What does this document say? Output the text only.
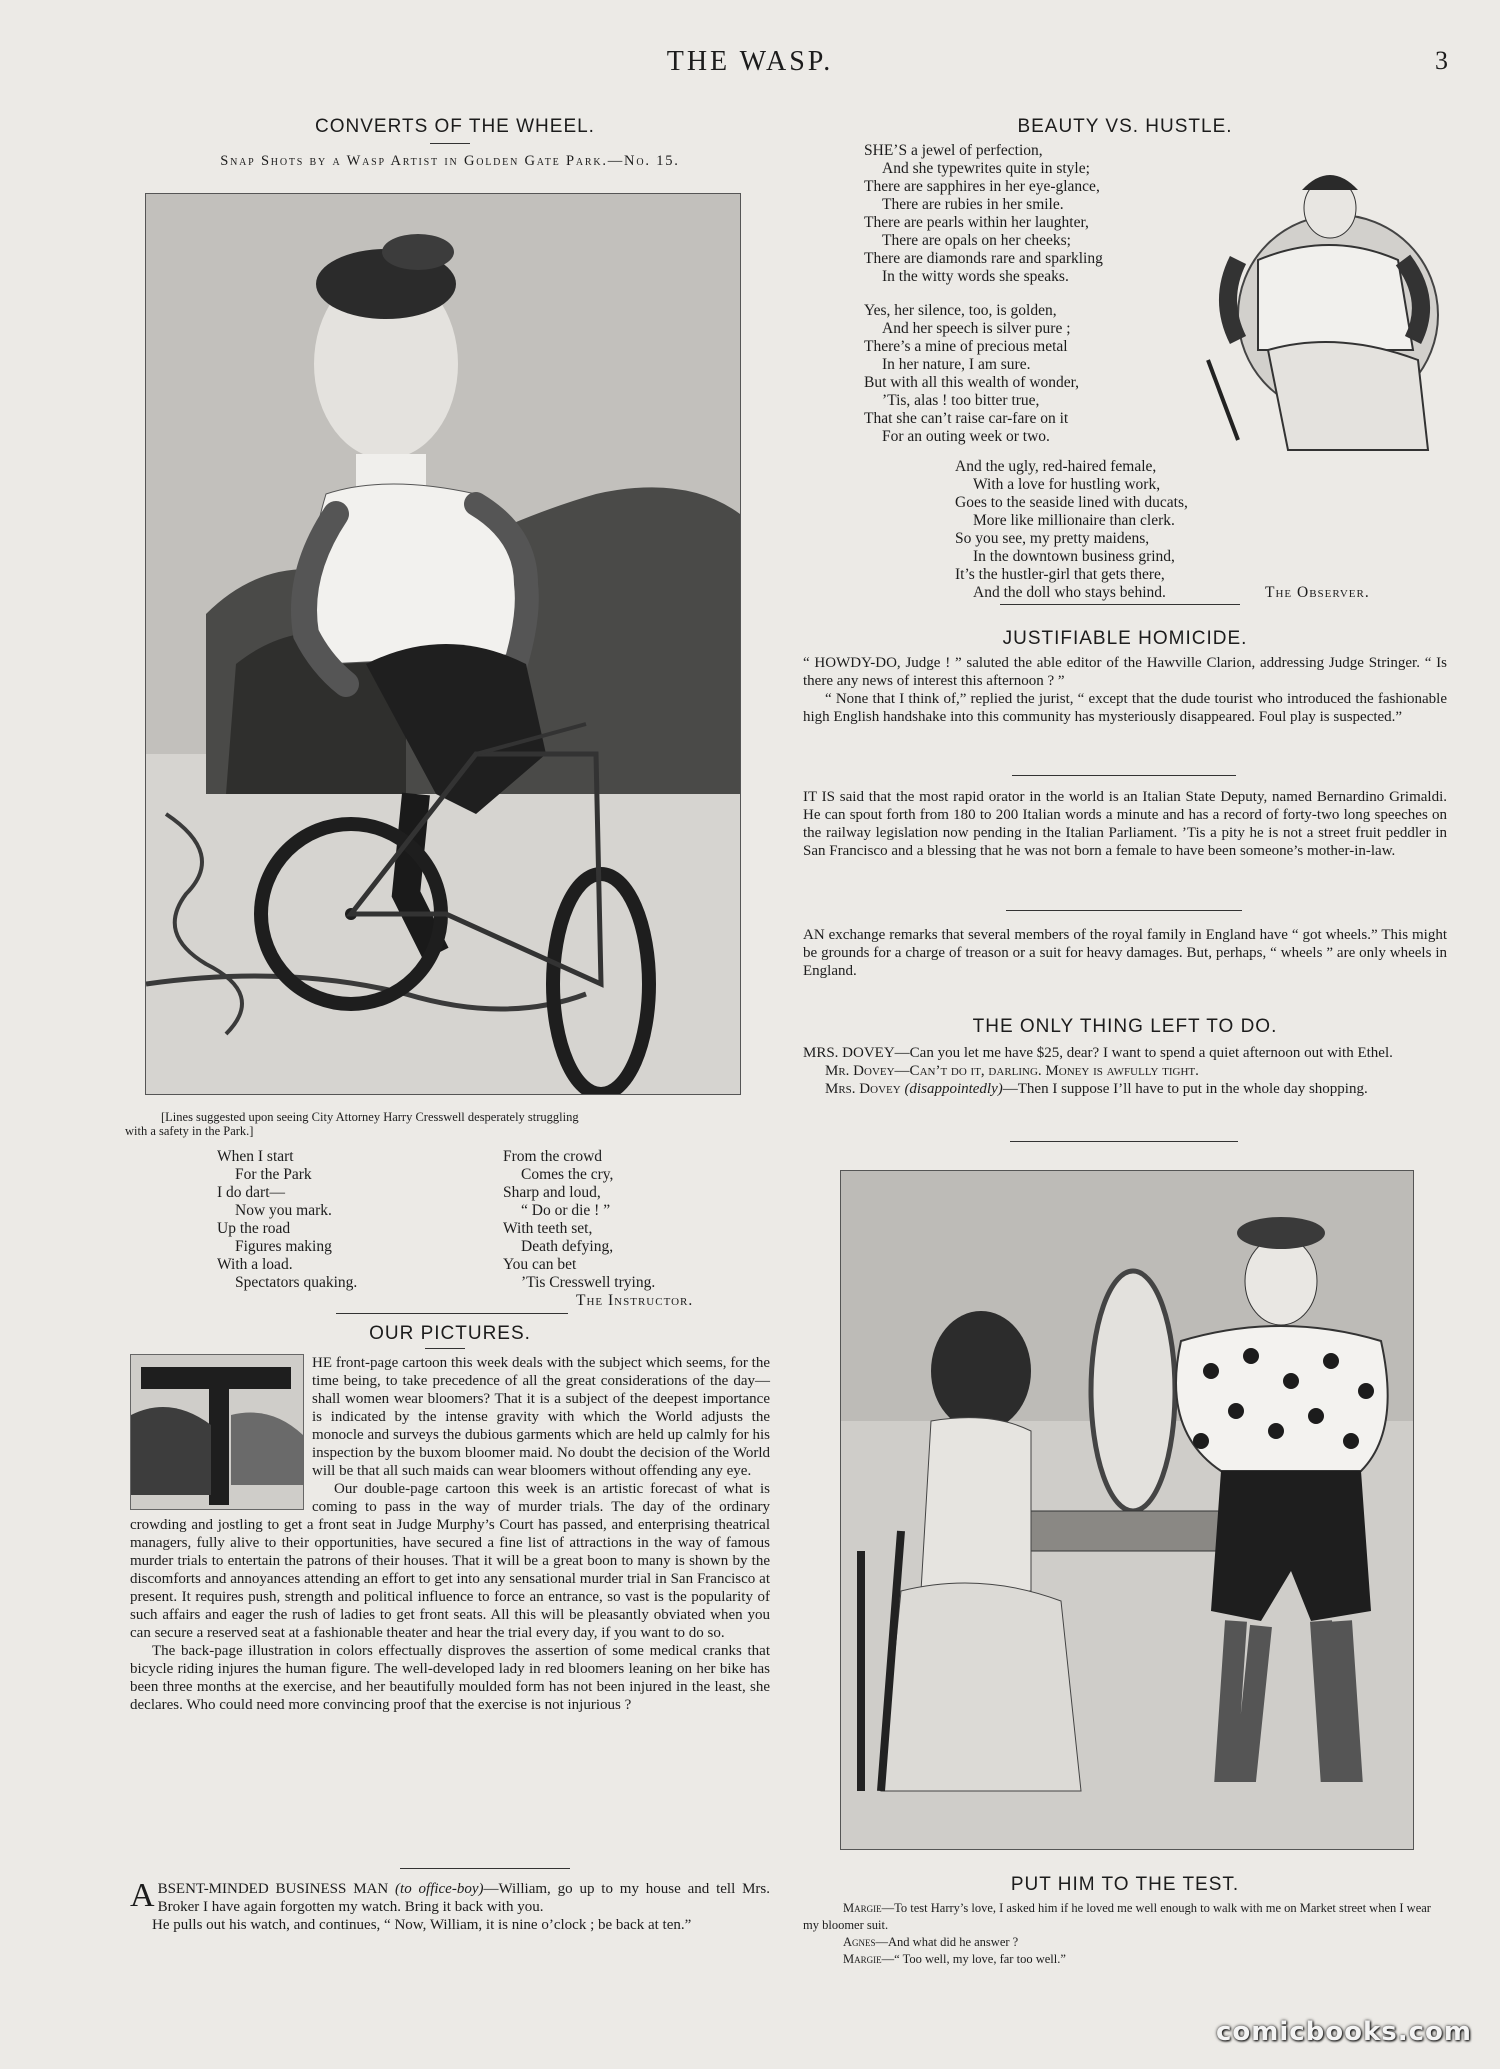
THE WASP.	3
CONVERTS OF THE WHEEL.
Snap Shots by a Wasp Artist in Golden Gate Park.—No. 15.
[Lines suggested upon seeing City Attorney Harry Cresswell desperately struggling
with a safety in the Park.]
When I start
For the Park
I do dart—
Now you mark.
Up the road
Figures making
With a load.
Spectators quaking.
From the crowd
Comes the cry,
Sharp and loud,
“ Do or die ! ”
With teeth set,
Death defying,
You can bet
’Tis Cresswell trying.
The Instructor.
OUR PICTURES.

HE front-page cartoon this week deals with the subject which seems, for the time being, to take precedence of all the great considerations of the day—shall women wear bloomers? That it is a subject of the deepest importance is indicated by the intense gravity with which the World adjusts the monocle and surveys the dubious garments which are held up calmly for his inspection by the buxom bloomer maid. No doubt the decision of the World will be that all such maids can wear bloomers without offending any eye.

Our double-page cartoon this week is an artistic forecast of what is coming to pass in the way of murder trials. The day of the ordinary crowding and jostling to get a front seat in Judge Murphy’s Court has passed, and enterprising theatrical managers, fully alive to their opportunities, have secured a fine list of attractions in the way of famous murder trials to entertain the patrons of their houses. That it will be a great boon to many is shown by the discomforts and annoyances attending an effort to get into any sensational murder trial in San Francisco at present. It requires push, strength and political influence to force an entrance, so vast is the popularity of such affairs and eager the rush of ladies to get front seats. All this will be pleasantly obviated when you can secure a reserved seat at a fashionable theater and hear the trial every day, if you want to do so.

The back-page illustration in colors effectually disproves the assertion of some medical cranks that bicycle riding injures the human figure. The well-developed lady in red bloomers leaning on her bike has been three months at the exercise, and her beautifully moulded form has not been injured in the least, she declares. Who could need more convincing proof that the exercise is not injurious ?

ABSENT-MINDED BUSINESS MAN (to office-boy)—William, go up to my house and tell Mrs. Broker I have again forgotten my watch. Bring it back with you.

He pulls out his watch, and continues, “ Now, William, it is nine o’clock ; be back at ten.”

BEAUTY VS. HUSTLE.
SHE’S a jewel of perfection,
And she typewrites quite in style;
There are sapphires in her eye-glance,
There are rubies in her smile.
There are pearls within her laughter,
There are opals on her cheeks;
There are diamonds rare and sparkling
In the witty words she speaks.
Yes, her silence, too, is golden,
And her speech is silver pure ;
There’s a mine of precious metal
In her nature, I am sure.
But with all this wealth of wonder,
’Tis, alas ! too bitter true,
That she can’t raise car-fare on it
For an outing week or two.
And the ugly, red-haired female,
With a love for hustling work,
Goes to the seaside lined with ducats,
More like millionaire than clerk.
So you see, my pretty maidens,
In the downtown business grind,
It’s the hustler-girl that gets there,
And the doll who stays behind.	The Observer.
JUSTIFIABLE HOMICIDE.

“ HOWDY-DO, Judge ! ” saluted the able editor of the Hawville Clarion, addressing Judge Stringer. “ Is there any news of interest this afternoon ? ”

“ None that I think of,” replied the jurist, “ except that the dude tourist who introduced the fashionable high English handshake into this community has mysteriously disappeared. Foul play is suspected.”

IT IS said that the most rapid orator in the world is an Italian State Deputy, named Bernardino Grimaldi. He can spout forth from 180 to 200 Italian words a minute and has a record of forty-two long speeches on the railway legislation now pending in the Italian Parliament. ’Tis a pity he is not a street fruit peddler in San Francisco and a blessing that he was not born a female to have been someone’s mother-in-law.

AN exchange remarks that several members of the royal family in England have “ got wheels.” This might be grounds for a charge of treason or a suit for heavy damages. But, perhaps, “ wheels ” are only wheels in England.

THE ONLY THING LEFT TO DO.

MRS. DOVEY—Can you let me have $25, dear? I want to spend a quiet afternoon out with Ethel.

Mr. Dovey—Can’t do it, darling. Money is awfully tight.

Mrs. Dovey (disappointedly)—Then I suppose I’ll have to put in the whole day shopping.

PUT HIM TO THE TEST.
Margie—To test Harry’s love, I asked him if he loved me well enough to walk with me on Market street when I wear my bloomer suit.
Agnes—And what did he answer ?
Margie—“ Too well, my love, far too well.”
comicbooks.com
